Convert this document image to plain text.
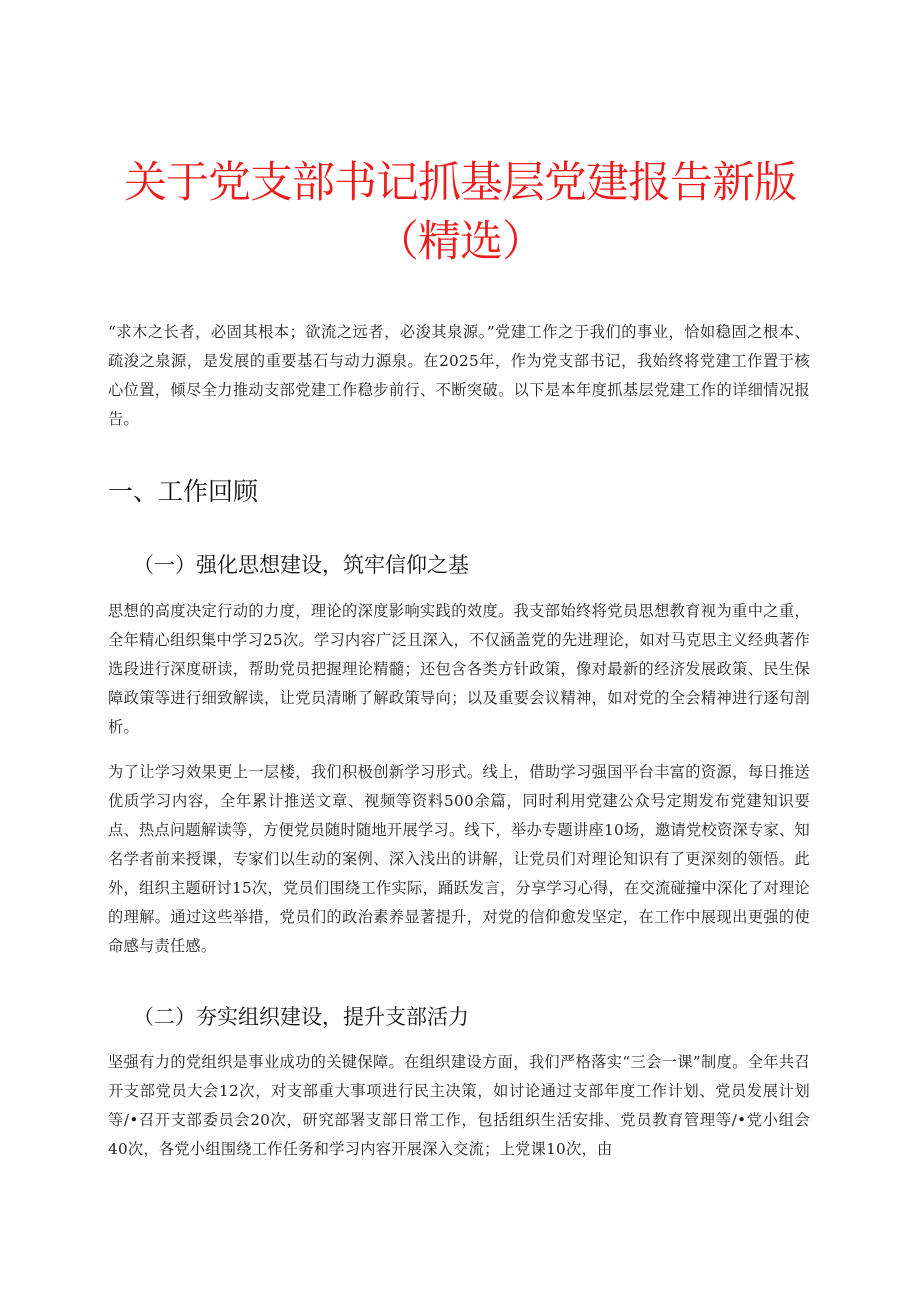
关于党支部书记抓基层党建报告新版
（精选）

“求木之长者，必固其根本；欲流之远者，必浚其泉源。”党建工作之于我们的事业，恰如稳固之根本、疏浚之泉源，是发展的重要基石与动力源泉。在2025年，作为党支部书记，我始终将党建工作置于核心位置，倾尽全力推动支部党建工作稳步前行、不断突破。以下是本年度抓基层党建工作的详细情况报告。

一、工作回顾
（一）强化思想建设，筑牢信仰之基

思想的高度决定行动的力度，理论的深度影响实践的效度。我支部始终将党员思想教育视为重中之重，全年精心组织集中学习25次。学习内容广泛且深入，不仅涵盖党的先进理论，如对马克思主义经典著作选段进行深度研读，帮助党员把握理论精髓；还包含各类方针政策，像对最新的经济发展政策、民生保障政策等进行细致解读，让党员清晰了解政策导向；以及重要会议精神，如对党的全会精神进行逐句剖析。

为了让学习效果更上一层楼，我们积极创新学习形式。线上，借助学习强国平台丰富的资源，每日推送优质学习内容，全年累计推送文章、视频等资料500余篇，同时利用党建公众号定期发布党建知识要点、热点问题解读等，方便党员随时随地开展学习。线下，举办专题讲座10场，邀请党校资深专家、知名学者前来授课，专家们以生动的案例、深入浅出的讲解，让党员们对理论知识有了更深刻的领悟。此外，组织主题研讨15次，党员们围绕工作实际，踊跃发言，分享学习心得，在交流碰撞中深化了对理论的理解。通过这些举措，党员们的政治素养显著提升，对党的信仰愈发坚定，在工作中展现出更强的使命感与责任感。

（二）夯实组织建设，提升支部活力

坚强有力的党组织是事业成功的关键保障。在组织建设方面，我们严格落实“三会一课”制度。全年共召开支部党员大会12次，对支部重大事项进行民主决策，如讨论通过支部年度工作计划、党员发展计划等/•召开支部委员会20次，研究部署支部日常工作，包括组织生活安排、党员教育管理等/•党小组会40次，各党小组围绕工作任务和学习内容开展深入交流；上党课10次，由
